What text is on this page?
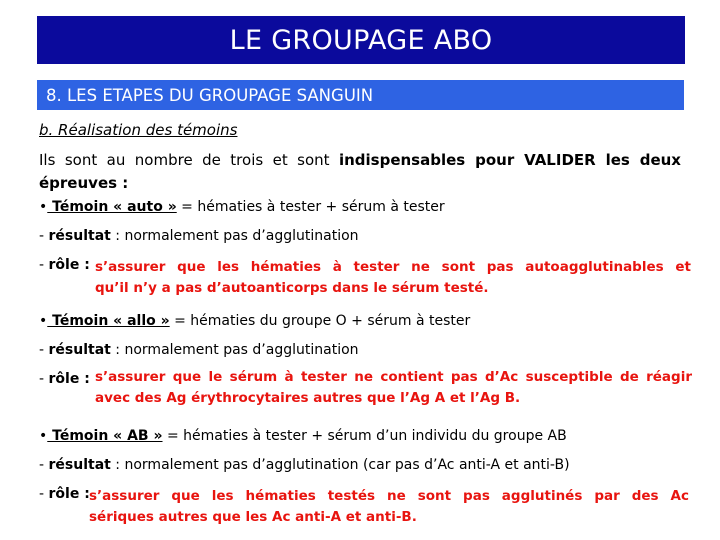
LE GROUPAGE ABO
8. LES ETAPES DU GROUPAGE SANGUIN
b. Réalisation des témoins
Ils sont au nombre de trois et sont indispensables pour VALIDER les deux épreuves :
• Témoin « auto » = hématies à tester + sérum à tester
- résultat : normalement pas d’agglutination
- rôle : s’assurer que les hématies à tester ne sont pas autoagglutinables et
qu’il n’y a pas d’autoanticorps dans le sérum testé.
• Témoin « allo » = hématies du groupe O + sérum à tester
- résultat : normalement pas d’agglutination
- rôle : s’assurer que le sérum à tester ne contient pas d’Ac susceptible de réagir
avec des Ag érythrocytaires autres que l’Ag A et l’Ag B.
• Témoin « AB » = hématies à tester + sérum d’un individu du groupe AB
- résultat : normalement pas d’agglutination (car pas d’Ac anti-A et anti-B)
- rôle : s’assurer que les hématies testés ne sont pas agglutinés par des Ac
sériques autres que les Ac anti-A et anti-B.
